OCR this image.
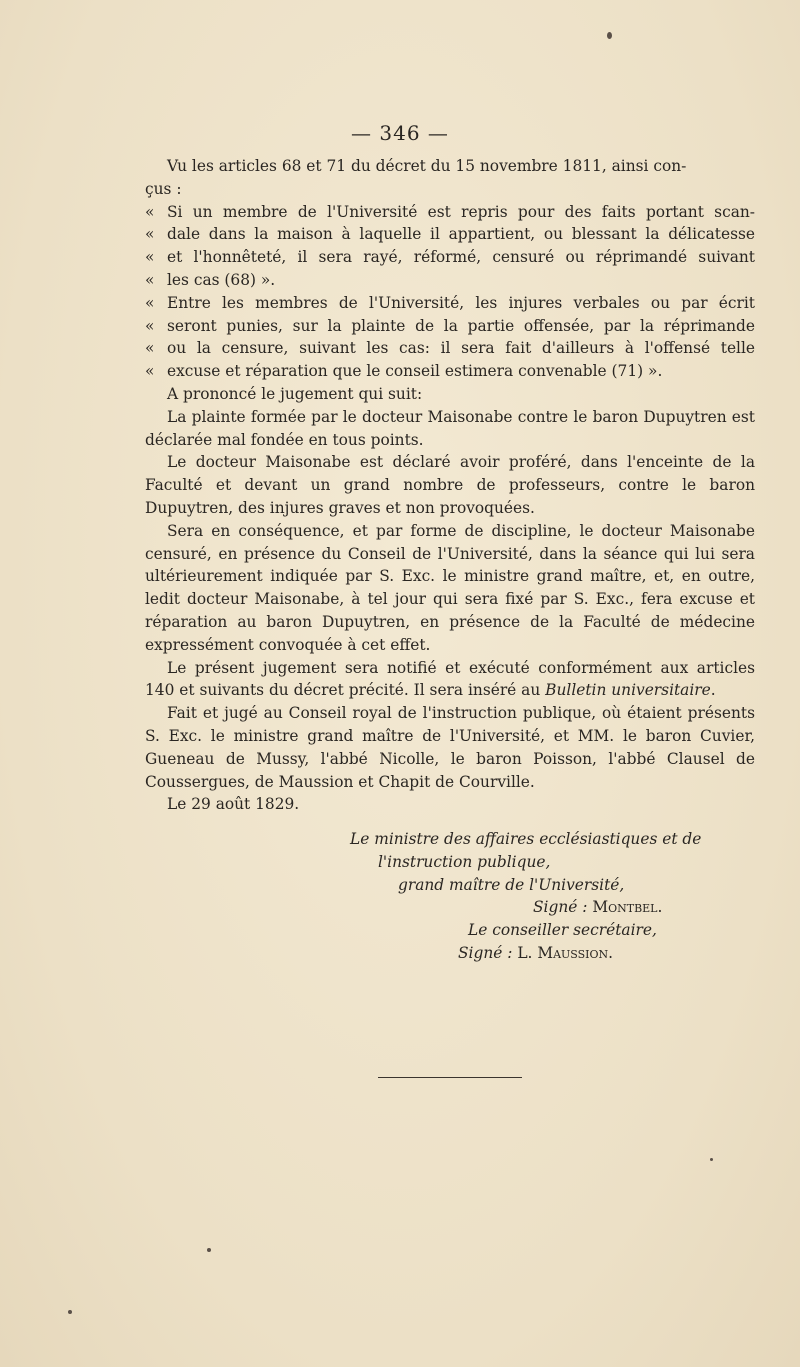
— 346 —

Vu les articles 68 et 71 du décret du 15 novembre 1811, ainsi con-
çus :

« Si un membre de l'Université est repris pour des faits portant scan-
« dale dans la maison à laquelle il appartient, ou blessant la délicatesse
« et l'honnêteté, il sera rayé, réformé, censuré ou réprimandé suivant
« les cas (68) ».
« Entre les membres de l'Université, les injures verbales ou par écrit
« seront punies, sur la plainte de la partie offensée, par la réprimande
« ou la censure, suivant les cas: il sera fait d'ailleurs à l'offensé telle
« excuse et réparation que le conseil estimera convenable (71) ».

A prononcé le jugement qui suit:

La plainte formée par le docteur Maisonabe contre le baron Dupuytren est déclarée mal fondée en tous points.

Le docteur Maisonabe est déclaré avoir proféré, dans l'enceinte de la Faculté et devant un grand nombre de professeurs, contre le baron Dupuytren, des injures graves et non provoquées.

Sera en conséquence, et par forme de discipline, le docteur Maisonabe censuré, en présence du Conseil de l'Université, dans la séance qui lui sera ultérieurement indiquée par S. Exc. le ministre grand maître, et, en outre, ledit docteur Maisonabe, à tel jour qui sera fixé par S. Exc., fera excuse et réparation au baron Dupuytren, en présence de la Faculté de médecine expressément convoquée à cet effet.

Le présent jugement sera notifié et exécuté conformément aux articles 140 et suivants du décret précité. Il sera inséré au Bulletin universitaire.

Fait et jugé au Conseil royal de l'instruction publique, où étaient présents S. Exc. le ministre grand maître de l'Université, et MM. le baron Cuvier, Gueneau de Mussy, l'abbé Nicolle, le baron Poisson, l'abbé Clausel de Coussergues, de Maussion et Chapit de Courville.

Le 29 août 1829.

Le ministre des affaires ecclésiastiques et de
l'instruction publique,
grand maître de l'Université,
Signé : Montbel.
Le conseiller secrétaire,
Signé : L. Maussion.
